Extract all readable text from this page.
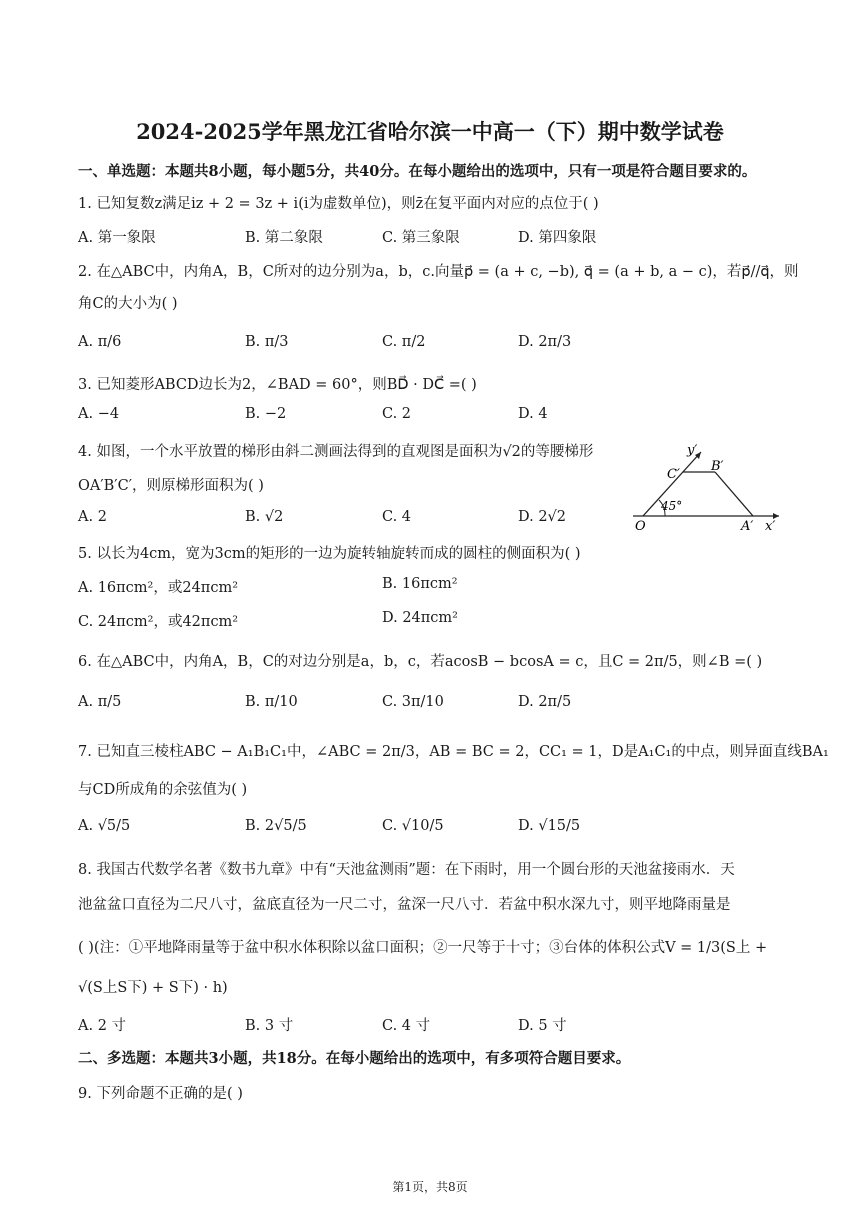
2024-2025学年黑龙江省哈尔滨一中高一（下）期中数学试卷
一、单选题：本题共8小题，每小题5分，共40分。在每小题给出的选项中，只有一项是符合题目要求的。
1. 已知复数z满足iz + 2 = 3z + i(i为虚数单位)，则z̄在复平面内对应的点位于( )
A. 第一象限	B. 第二象限	C. 第三象限	D. 第四象限
2. 在△ABC中，内角A，B，C所对的边分别为a，b，c.向量p⃗ = (a + c, −b), q⃗ = (a + b, a − c)，若p⃗//q⃗，则
角C的大小为( )
A. π/6	B. π/3	C. π/2	D. 2π/3
3. 已知菱形ABCD边长为2，∠BAD = 60°，则BD⃗ · DC⃗ =( )
A. −4	B. −2	C. 2	D. 4
4. 如图，一个水平放置的梯形由斜二测画法得到的直观图是面积为√2的等腰梯形
OA′B′C′，则原梯形面积为( )
A. 2	B. √2	C. 4	D. 2√2
y′
C′
B′
O	A′ x′
45°
5. 以长为4cm，宽为3cm的矩形的一边为旋转轴旋转而成的圆柱的侧面积为( )
A. 16πcm²，或24πcm²	B. 16πcm²
C. 24πcm²，或42πcm²	D. 24πcm²
6. 在△ABC中，内角A，B，C的对边分别是a，b，c，若acosB − bcosA = c，且C = 2π/5，则∠B =( )
A. π/5	B. π/10	C. 3π/10	D. 2π/5
7. 已知直三棱柱ABC − A₁B₁C₁中，∠ABC = 2π/3，AB = BC = 2，CC₁ = 1，D是A₁C₁的中点，则异面直线BA₁
与CD所成角的余弦值为( )
A. √5/5	B. 2√5/5	C. √10/5	D. √15/5
8. 我国古代数学名著《数书九章》中有“天池盆测雨”题：在下雨时，用一个圆台形的天池盆接雨水．天
池盆盆口直径为二尺八寸，盆底直径为一尺二寸，盆深一尺八寸．若盆中积水深九寸，则平地降雨量是
( )(注：①平地降雨量等于盆中积水体积除以盆口面积；②一尺等于十寸；③台体的体积公式V = 1/3(S上 +
√(S上S下) + S下) · h)
A. 2 寸	B. 3 寸	C. 4 寸	D. 5 寸
二、多选题：本题共3小题，共18分。在每小题给出的选项中，有多项符合题目要求。
9. 下列命题不正确的是( )
第1页，共8页
